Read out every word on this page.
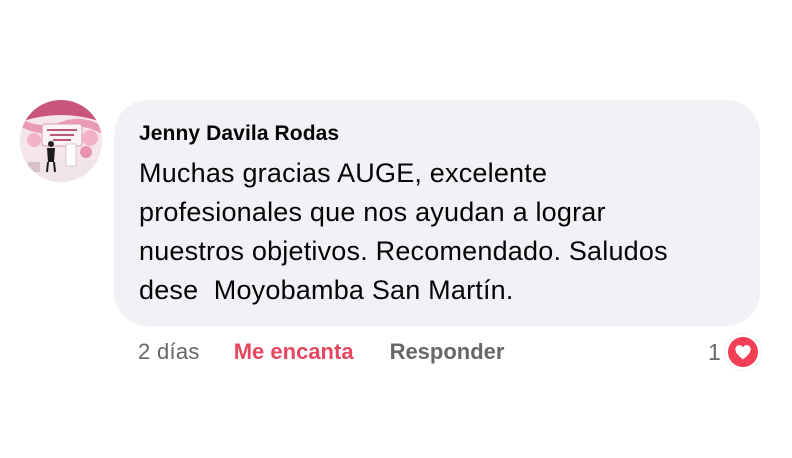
Jenny Davila Rodas

Muchas gracias AUGE, excelente
profesionales que nos ayudan a lograr
nuestros objetivos. Recomendado. Saludos
dese  Moyobamba San Martín.

2 días Me encanta Responder	1
